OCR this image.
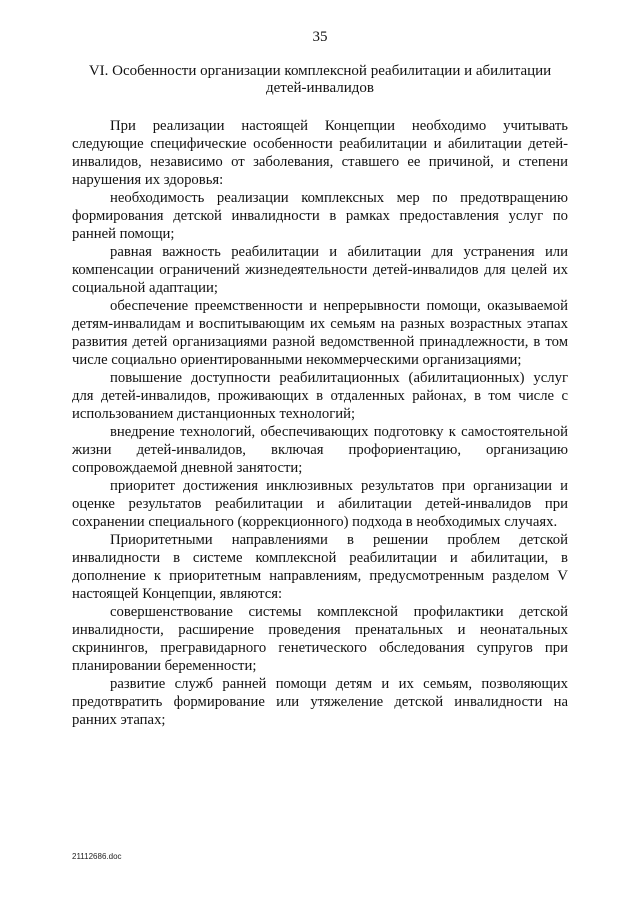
35
VI. Особенности организации комплексной реабилитации и абилитации
детей-инвалидов

При реализации настоящей Концепции необходимо учитывать следующие специфические особенности реабилитации и абилитации детей-инвалидов, независимо от заболевания, ставшего ее причиной, и степени нарушения их здоровья:

необходимость реализации комплексных мер по предотвращению формирования детской инвалидности в рамках предоставления услуг по ранней помощи;

равная важность реабилитации и абилитации для устранения или компенсации ограничений жизнедеятельности детей-инвалидов для целей их социальной адаптации;

обеспечение преемственности и непрерывности помощи, оказываемой детям-инвалидам и воспитывающим их семьям на разных возрастных этапах развития детей организациями разной ведомственной принадлежности, в том числе социально ориентированными некоммерческими организациями;

повышение доступности реабилитационных (абилитационных) услуг для детей-инвалидов, проживающих в отдаленных районах, в том числе с использованием дистанционных технологий;

внедрение технологий, обеспечивающих подготовку к самостоятельной жизни детей-инвалидов, включая профориентацию, организацию сопровождаемой дневной занятости;

приоритет достижения инклюзивных результатов при организации и оценке результатов реабилитации и абилитации детей-инвалидов при сохранении специального (коррекционного) подхода в необходимых случаях.

Приоритетными направлениями в решении проблем детской инвалидности в системе комплексной реабилитации и абилитации, в дополнение к приоритетным направлениям, предусмотренным разделом V настоящей Концепции, являются:

совершенствование системы комплексной профилактики детской инвалидности, расширение проведения пренатальных и неонатальных скринингов, прегравидарного генетического обследования супругов при планировании беременности;

развитие служб ранней помощи детям и их семьям, позволяющих предотвратить формирование или утяжеление детской инвалидности на ранних этапах;

21112686.doc
